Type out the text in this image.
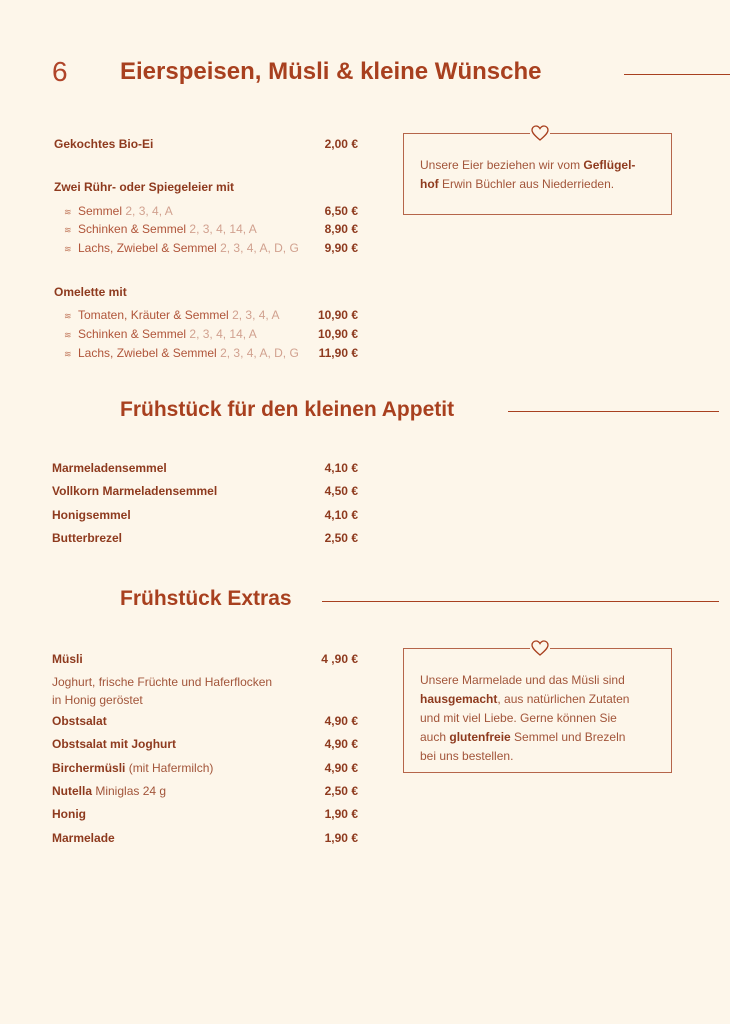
6 Eierspeisen, Müsli & kleine Wünsche
Gekochtes Bio-Ei	2,00 €
Zwei Rühr- oder Spiegeleier mit
≋ Semmel 2, 3, 4, A	6,50 €
≋ Schinken & Semmel 2, 3, 4, 14, A	8,90 €
≋ Lachs, Zwiebel & Semmel 2, 3, 4, A, D, G	9,90 €
Omelette mit
≋ Tomaten, Kräuter & Semmel 2, 3, 4, A	10,90 €
≋ Schinken & Semmel 2, 3, 4, 14, A	10,90 €
≋ Lachs, Zwiebel & Semmel 2, 3, 4, A, D, G	11,90 €
Unsere Eier beziehen wir vom Geflügel-
hof Erwin Büchler aus Niederrieden.
Frühstück für den kleinen Appetit
Marmeladensemmel	4,10 €
Vollkorn Marmeladensemmel	4,50 €
Honigsemmel	4,10 €
Butterbrezel	2,50 €
Frühstück Extras
Müsli	4 ,90 €
Joghurt, frische Früchte und Haferflocken
in Honig geröstet
Obstsalat	4,90 €
Obstsalat mit Joghurt	4,90 €
Birchermüsli (mit Hafermilch)	4,90 €
Nutella Miniglas 24 g	2,50 €
Honig	1,90 €
Marmelade	1,90 €
Unsere Marmelade und das Müsli sind
hausgemacht, aus natürlichen Zutaten
und mit viel Liebe. Gerne können Sie
auch glutenfreie Semmel und Brezeln
bei uns bestellen.
